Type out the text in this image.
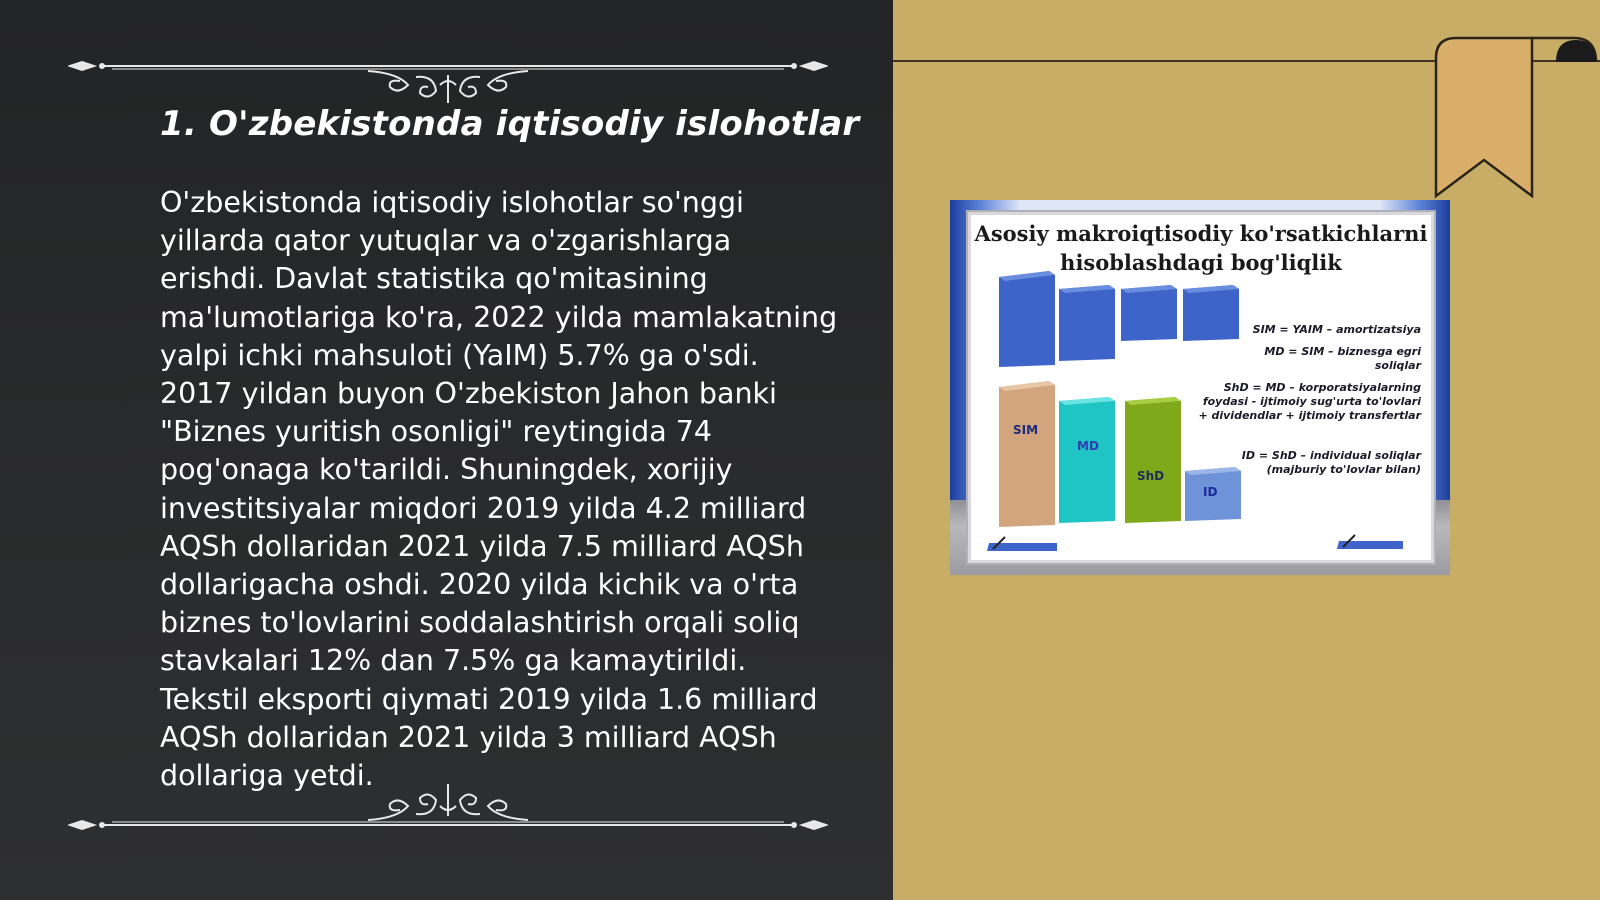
1. O'zbekistonda iqtisodiy islohotlar

O'zbekistonda iqtisodiy islohotlar so'nggi yillarda qator yutuqlar va o'zgarishlarga erishdi. Davlat statistika qo'mitasining ma'lumotlariga ko'ra, 2022 yilda mamlakatning yalpi ichki mahsuloti (YaIM) 5.7% ga o'sdi. 2017 yildan buyon O'zbekiston Jahon banki "Biznes yuritish osonligi" reytingida 74 pog'onaga ko'tarildi. Shuningdek, xorijiy investitsiyalar miqdori 2019 yilda 4.2 milliard AQSh dollaridan 2021 yilda 7.5 milliard AQSh dollarigacha oshdi. 2020 yilda kichik va o'rta biznes to'lovlarini soddalashtirish orqali soliq stavkalari 12% dan 7.5% ga kamaytirildi. Tekstil eksporti qiymati 2019 yilda 1.6 milliard AQSh dollaridan 2021 yilda 3 milliard AQSh dollariga yetdi.

Asosiy makroiqtisodiy ko'rsatkichlarni
hisoblashdagi bog'liqlik
SIM
MD
ShD
ID
SIM = YAIM – amortizatsiya
MD = SIM – biznesga egri soliqlar
ShD = MD – korporatsiyalarning foydasi - ijtimoiy sug'urta to'lovlari + dividendlar + ijtimoiy transfertlar
ID = ShD – individual soliqlar (majburiy to'lovlar bilan)
